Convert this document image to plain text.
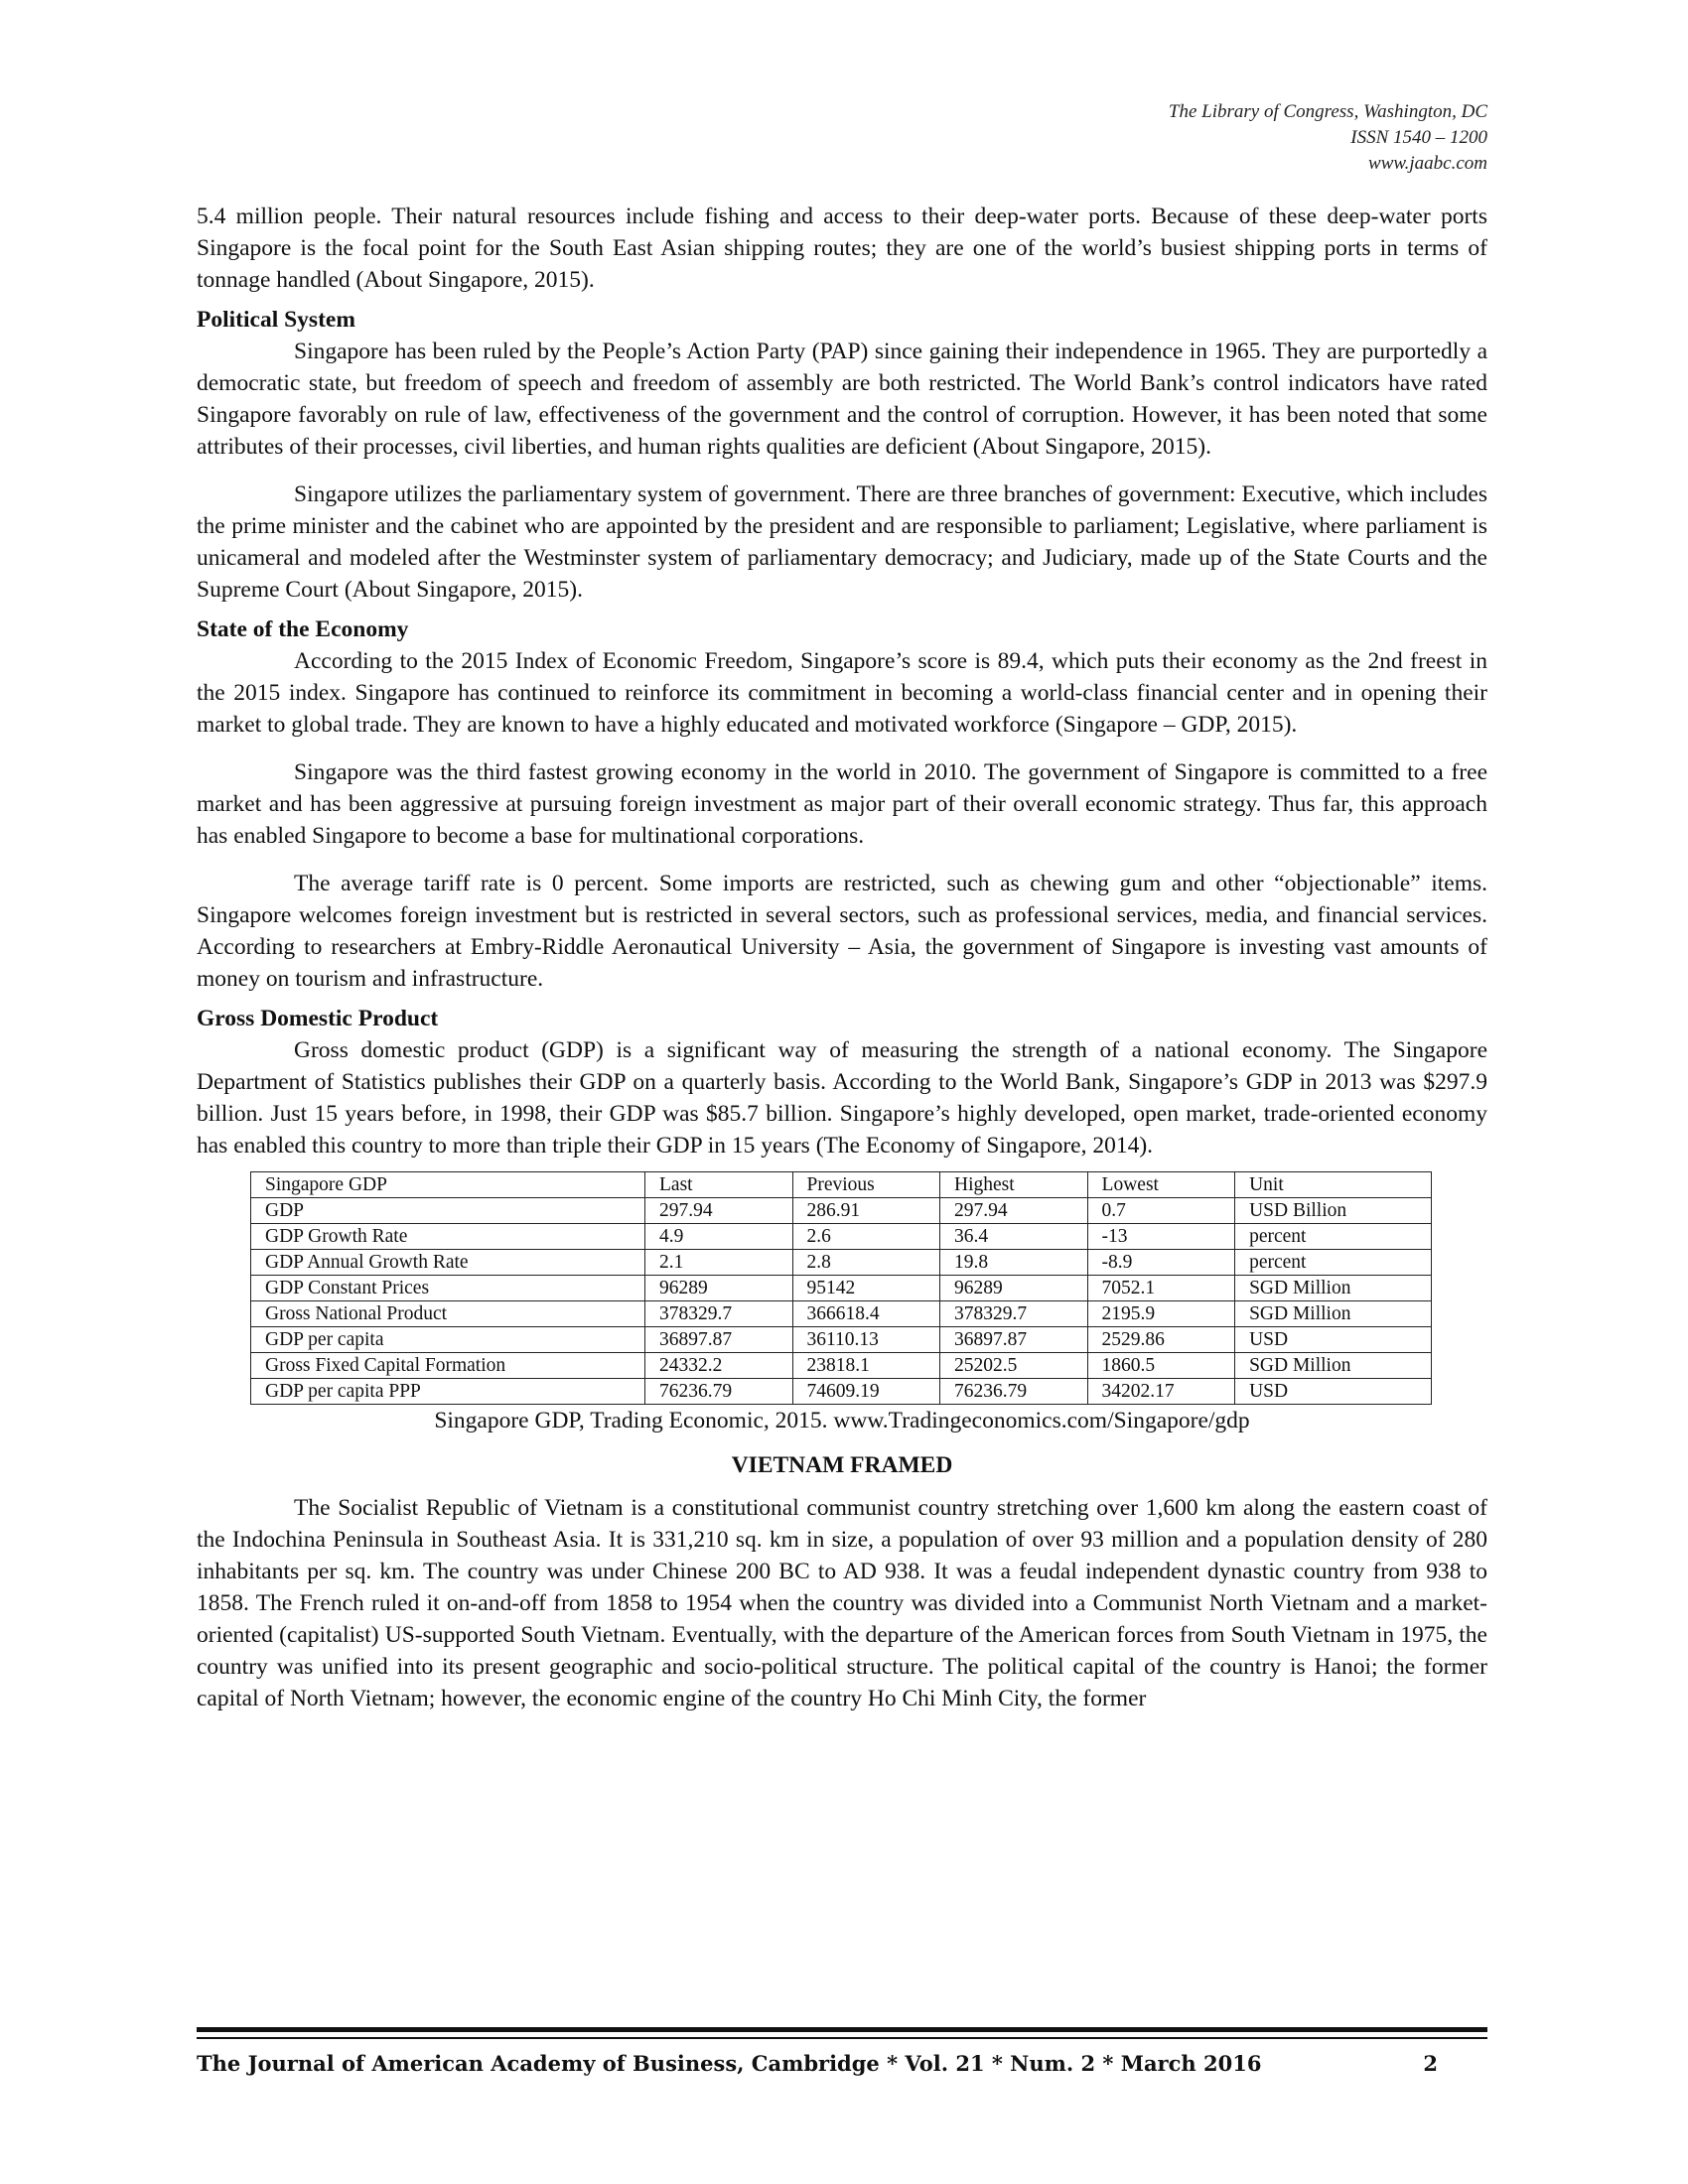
The Library of Congress, Washington, DC
ISSN 1540 – 1200
www.jaabc.com

5.4 million people. Their natural resources include fishing and access to their deep-water ports. Because of these deep-water ports Singapore is the focal point for the South East Asian shipping routes; they are one of the world’s busiest shipping ports in terms of tonnage handled (About Singapore, 2015).

Political System

Singapore has been ruled by the People’s Action Party (PAP) since gaining their independence in 1965. They are purportedly a democratic state, but freedom of speech and freedom of assembly are both restricted. The World Bank’s control indicators have rated Singapore favorably on rule of law, effectiveness of the government and the control of corruption. However, it has been noted that some attributes of their processes, civil liberties, and human rights qualities are deficient (About Singapore, 2015).

Singapore utilizes the parliamentary system of government. There are three branches of government: Executive, which includes the prime minister and the cabinet who are appointed by the president and are responsible to parliament; Legislative, where parliament is unicameral and modeled after the Westminster system of parliamentary democracy; and Judiciary, made up of the State Courts and the Supreme Court (About Singapore, 2015).

State of the Economy

According to the 2015 Index of Economic Freedom, Singapore’s score is 89.4, which puts their economy as the 2nd freest in the 2015 index. Singapore has continued to reinforce its commitment in becoming a world-class financial center and in opening their market to global trade. They are known to have a highly educated and motivated workforce (Singapore – GDP, 2015).

Singapore was the third fastest growing economy in the world in 2010. The government of Singapore is committed to a free market and has been aggressive at pursuing foreign investment as major part of their overall economic strategy. Thus far, this approach has enabled Singapore to become a base for multinational corporations.

The average tariff rate is 0 percent. Some imports are restricted, such as chewing gum and other “objectionable” items. Singapore welcomes foreign investment but is restricted in several sectors, such as professional services, media, and financial services. According to researchers at Embry-Riddle Aeronautical University – Asia, the government of Singapore is investing vast amounts of money on tourism and infrastructure.

Gross Domestic Product

Gross domestic product (GDP) is a significant way of measuring the strength of a national economy. The Singapore Department of Statistics publishes their GDP on a quarterly basis. According to the World Bank, Singapore’s GDP in 2013 was $297.9 billion. Just 15 years before, in 1998, their GDP was $85.7 billion. Singapore’s highly developed, open market, trade-oriented economy has enabled this country to more than triple their GDP in 15 years (The Economy of Singapore, 2014).

Singapore GDP	Last	Previous	Highest	Lowest	Unit
GDP	297.94	286.91	297.94	0.7	USD Billion
GDP Growth Rate	4.9	2.6	36.4	-13	percent
GDP Annual Growth Rate	2.1	2.8	19.8	-8.9	percent
GDP Constant Prices	96289	95142	96289	7052.1	SGD Million
Gross National Product	378329.7	366618.4	378329.7	2195.9	SGD Million
GDP per capita	36897.87	36110.13	36897.87	2529.86	USD
Gross Fixed Capital Formation	24332.2	23818.1	25202.5	1860.5	SGD Million
GDP per capita PPP	76236.79	74609.19	76236.79	34202.17	USD
Singapore GDP, Trading Economic, 2015. www.Tradingeconomics.com/Singapore/gdp
VIETNAM FRAMED

The Socialist Republic of Vietnam is a constitutional communist country stretching over 1,600 km along the eastern coast of the Indochina Peninsula in Southeast Asia. It is 331,210 sq. km in size, a population of over 93 million and a population density of 280 inhabitants per sq. km. The country was under Chinese 200 BC to AD 938. It was a feudal independent dynastic country from 938 to 1858. The French ruled it on-and-off from 1858 to 1954 when the country was divided into a Communist North Vietnam and a market-oriented (capitalist) US-supported South Vietnam. Eventually, with the departure of the American forces from South Vietnam in 1975, the country was unified into its present geographic and socio-political structure. The political capital of the country is Hanoi; the former capital of North Vietnam; however, the economic engine of the country Ho Chi Minh City, the former

The Journal of American Academy of Business, Cambridge * Vol. 21 * Num. 2 * March 2016	2
